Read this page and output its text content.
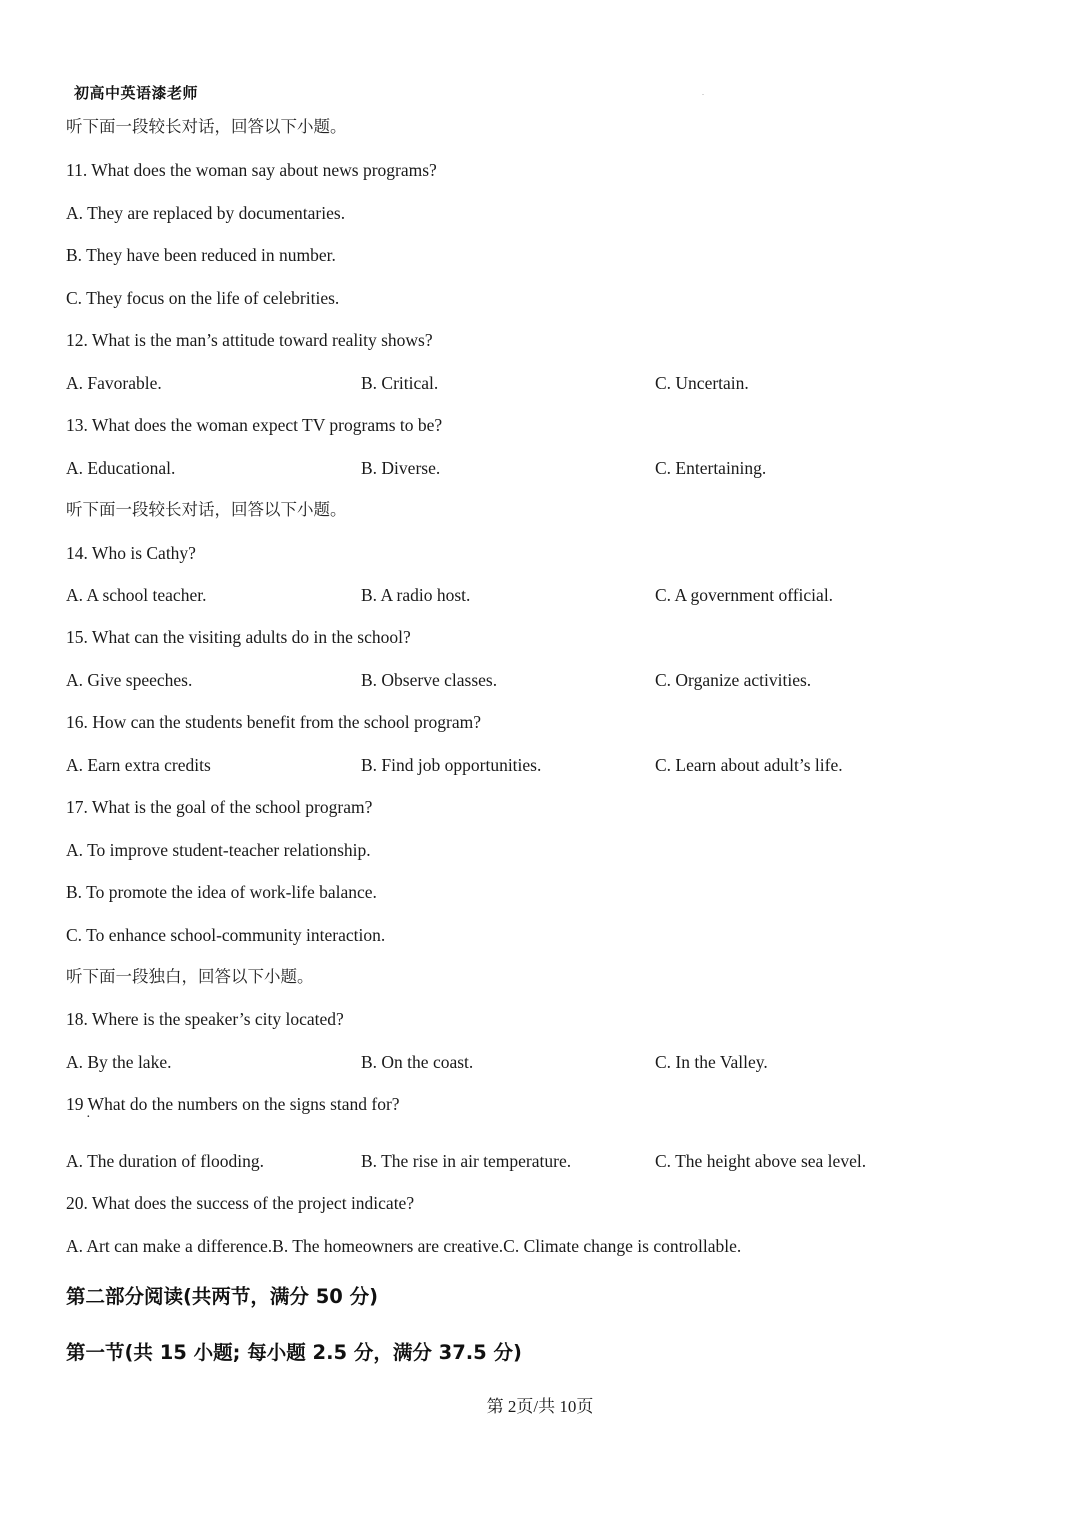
初高中英语漆老师	.
听下面一段较长对话，回答以下小题。
11. What does the woman say about news programs?
A. They are replaced by documentaries.
B. They have been reduced in number.
C. They focus on the life of celebrities.
12. What is the man’s attitude toward reality shows?
A. Favorable.	B. Critical.	C. Uncertain.
13. What does the woman expect TV programs to be?
A. Educational.	B. Diverse.	C. Entertaining.
听下面一段较长对话，回答以下小题。
14. Who is Cathy?
A. A school teacher.	B. A radio host.	C. A government official.
15. What can the visiting adults do in the school?
A. Give speeches.	B. Observe classes.	C. Organize activities.
16. How can the students benefit from the school program?
A. Earn extra credits	B. Find job opportunities.	C. Learn about adult’s life.
17. What is the goal of the school program?
A. To improve student-teacher relationship.
B. To promote the idea of work-life balance.
C. To enhance school-community interaction.
听下面一段独白，回答以下小题。
18. Where is the speaker’s city located?
A. By the lake.	B. On the coast.	C. In the Valley.
19 What do the numbers on the signs stand for?
·
A. The duration of flooding.	B. The rise in air temperature.	C. The height above sea level.
20. What does the success of the project indicate?
A. Art can make a difference.B. The homeowners are creative.C. Climate change is controllable.
第二部分阅读(共两节，满分 50 分)
第一节(共 15 小题; 每小题 2.5 分，满分 37.5 分)
第 2页/共 10页
